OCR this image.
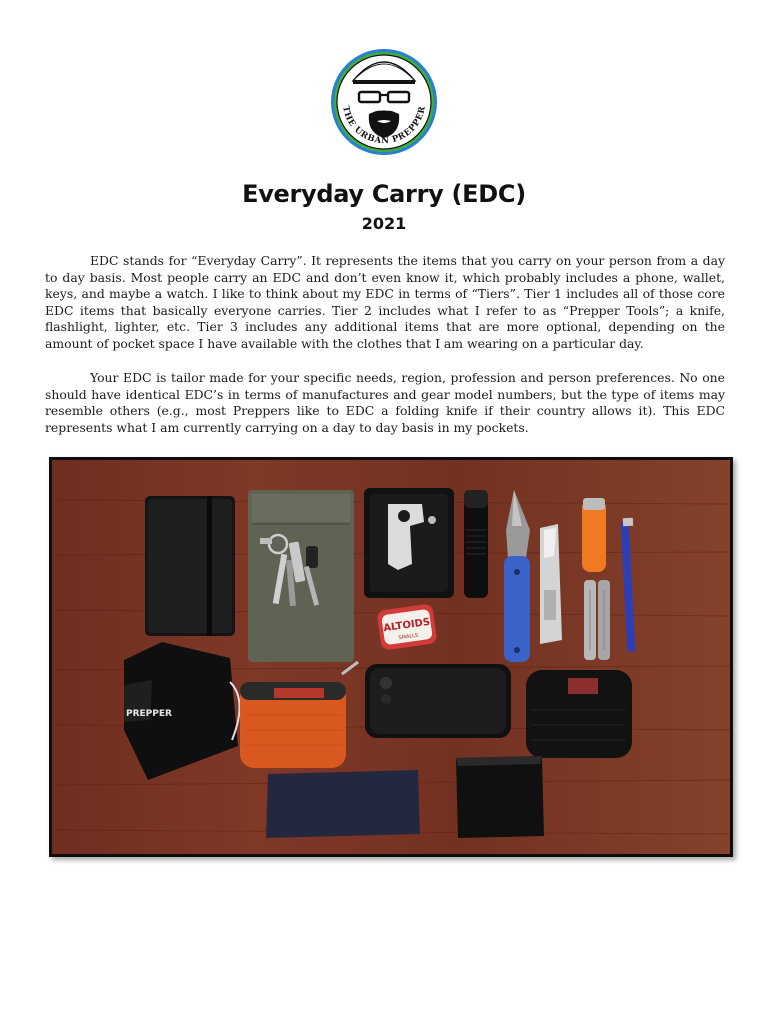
THE URBAN PREPPER
Everyday Carry (EDC)
2021

EDC stands for “Everyday Carry”. It represents the items that you carry on your person from a day to day basis. Most people carry an EDC and don’t even know it, which probably includes a phone, wallet, keys, and maybe a watch. I like to think about my EDC in terms of “Tiers”. Tier 1 includes all of those core EDC items that basically everyone carries. Tier 2 includes what I refer to as “Prepper Tools”; a knife, flashlight, lighter, etc. Tier 3 includes any additional items that are more optional, depending on the amount of pocket space I have available with the clothes that I am wearing on a particular day.

Your EDC is tailor made for your specific needs, region, profession and person preferences. No one should have identical EDC’s in terms of manufactures and gear model numbers, but the type of items may resemble others (e.g., most Preppers like to EDC a folding knife if their country allows it). This EDC represents what I am currently carrying on a day to day basis in my pockets.

ALTOIDS
SMALLS
PREPPER
